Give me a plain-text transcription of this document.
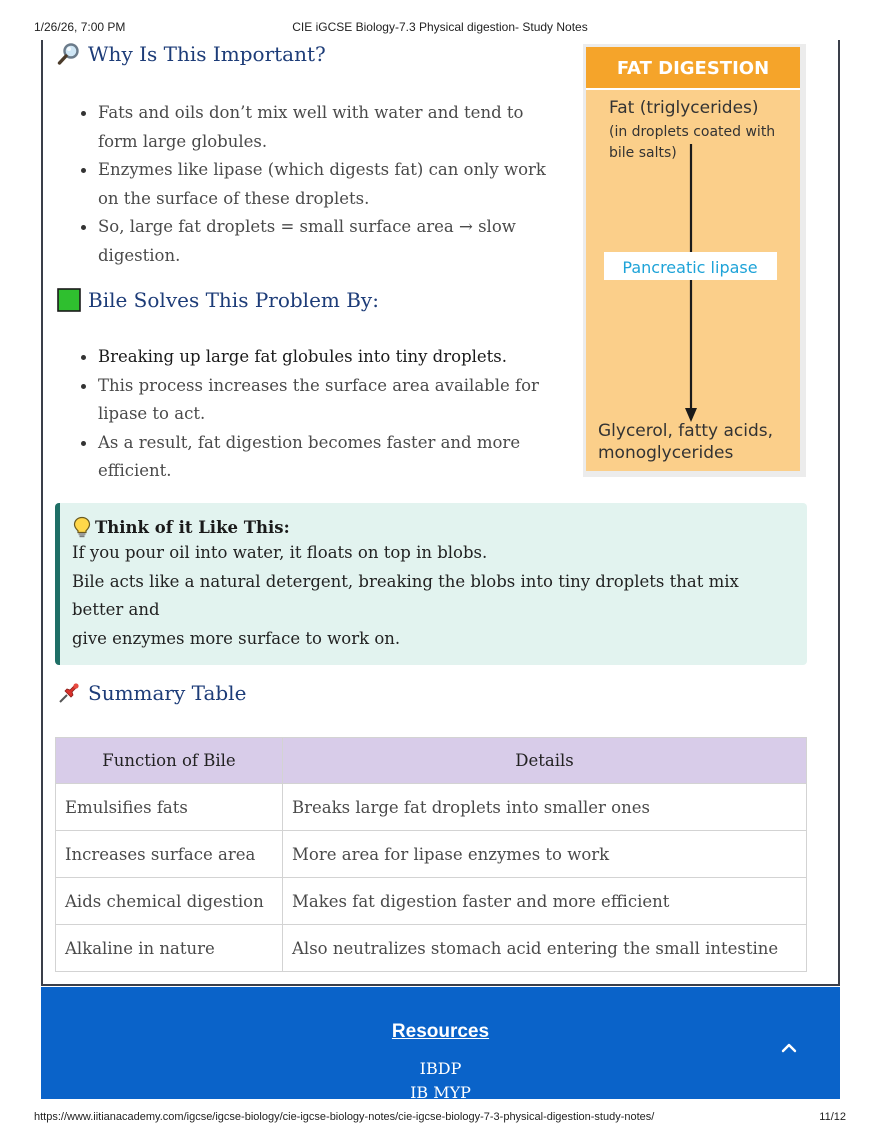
1/26/26, 7:00 PM	CIE iGCSE Biology-7.3 Physical digestion- Study Notes
Why Is This Important?
Fats and oils don’t mix well with water and tend to form large globules.
Enzymes like lipase (which digests fat) can only work on the surface of these droplets.
So, large fat droplets = small surface area → slow digestion.
Bile Solves This Problem By:
Breaking up large fat globules into tiny droplets.
This process increases the surface area available for lipase to act.
As a result, fat digestion becomes faster and more efficient.
FAT DIGESTION
Fat (triglycerides)
(in droplets coated with
bile salts)
Pancreatic lipase
Glycerol, fatty acids,
monoglycerides
Think of it Like This:
If you pour oil into water, it floats on top in blobs.
Bile acts like a natural detergent, breaking the blobs into tiny droplets that mix better and
give enzymes more surface to work on.
Summary Table
Function of Bile	Details
Emulsifies fats	Breaks large fat droplets into smaller ones
Increases surface area	More area for lipase enzymes to work
Aids chemical digestion	Makes fat digestion faster and more efficient
Alkaline in nature	Also neutralizes stomach acid entering the small intestine
Resources
IBDP
IB MYP
https://www.iitianacademy.com/igcse/igcse-biology/cie-igcse-biology-notes/cie-igcse-biology-7-3-physical-digestion-study-notes/	11/12
